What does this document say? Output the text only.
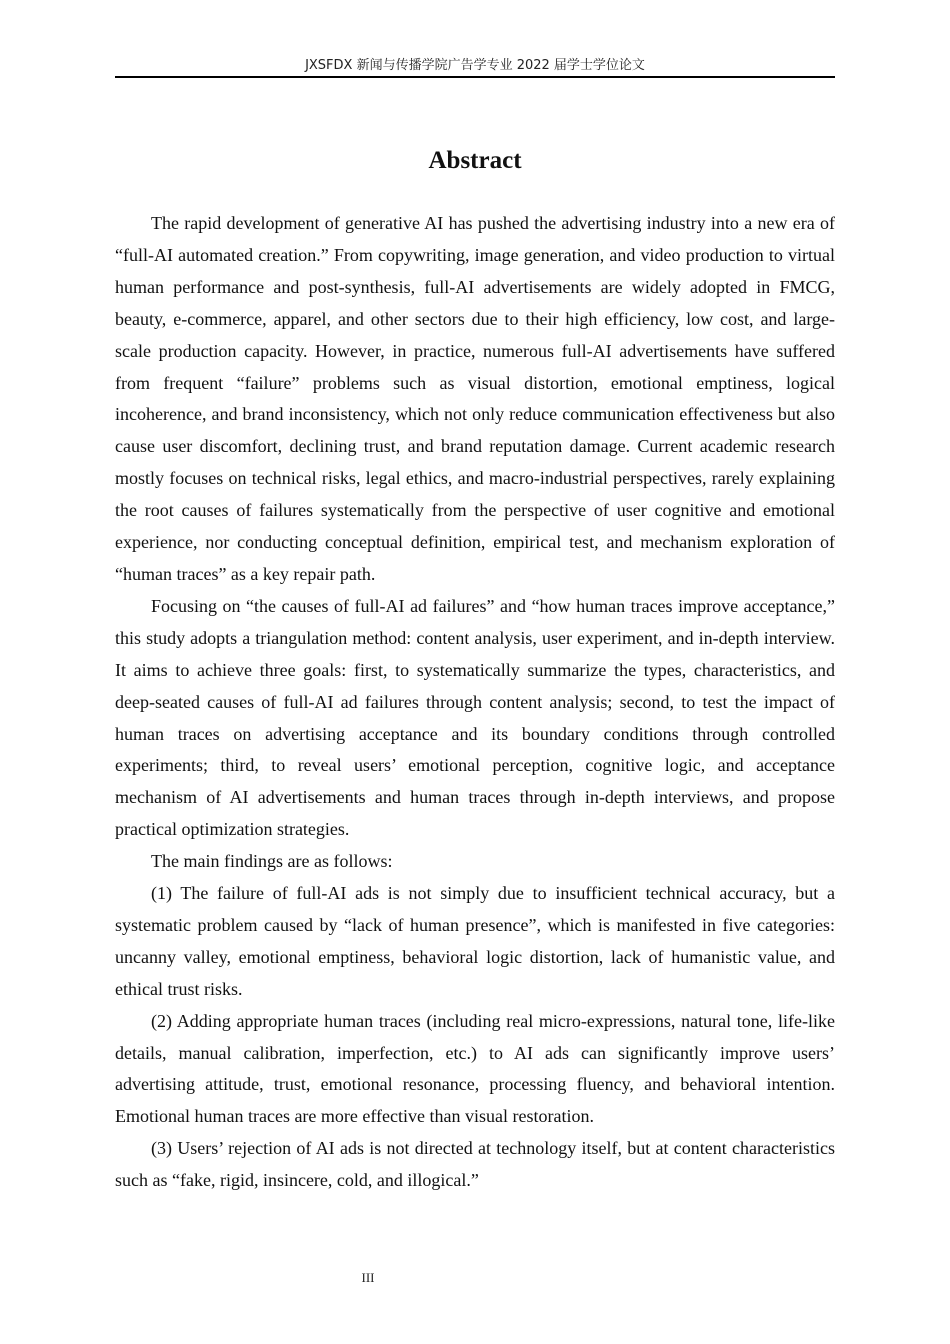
JXSFDX 新闻与传播学院广告学专业 2022 届学士学位论文
Abstract

The rapid development of generative AI has pushed the advertising industry into a new era of “full-AI automated creation.” From copywriting, image generation, and video production to virtual human performance and post-synthesis, full-AI advertisements are widely adopted in FMCG, beauty, e-commerce, apparel, and other sectors due to their high efficiency, low cost, and large-scale production capacity. However, in practice, numerous full-AI advertisements have suffered from frequent “failure” problems such as visual distortion, emotional emptiness, logical incoherence, and brand inconsistency, which not only reduce communication effectiveness but also cause user discomfort, declining trust, and brand reputation damage. Current academic research mostly focuses on technical risks, legal ethics, and macro-industrial perspectives, rarely explaining the root causes of failures systematically from the perspective of user cognitive and emotional experience, nor conducting conceptual definition, empirical test, and mechanism exploration of “human traces” as a key repair path.

Focusing on “the causes of full-AI ad failures” and “how human traces improve acceptance,” this study adopts a triangulation method: content analysis, user experiment, and in-depth interview. It aims to achieve three goals: first, to systematically summarize the types, characteristics, and deep-seated causes of full-AI ad failures through content analysis; second, to test the impact of human traces on advertising acceptance and its boundary conditions through controlled experiments; third, to reveal users’ emotional perception, cognitive logic, and acceptance mechanism of AI advertisements and human traces through in-depth interviews, and propose practical optimization strategies.

The main findings are as follows:

(1) The failure of full-AI ads is not simply due to insufficient technical accuracy, but a systematic problem caused by “lack of human presence”, which is manifested in five categories: uncanny valley, emotional emptiness, behavioral logic distortion, lack of humanistic value, and ethical trust risks.

(2) Adding appropriate human traces (including real micro-expressions, natural tone, life-like details, manual calibration, imperfection, etc.) to AI ads can significantly improve users’ advertising attitude, trust, emotional resonance, processing fluency, and behavioral intention. Emotional human traces are more effective than visual restoration.

(3) Users’ rejection of AI ads is not directed at technology itself, but at content characteristics such as “fake, rigid, insincere, cold, and illogical.”

III
